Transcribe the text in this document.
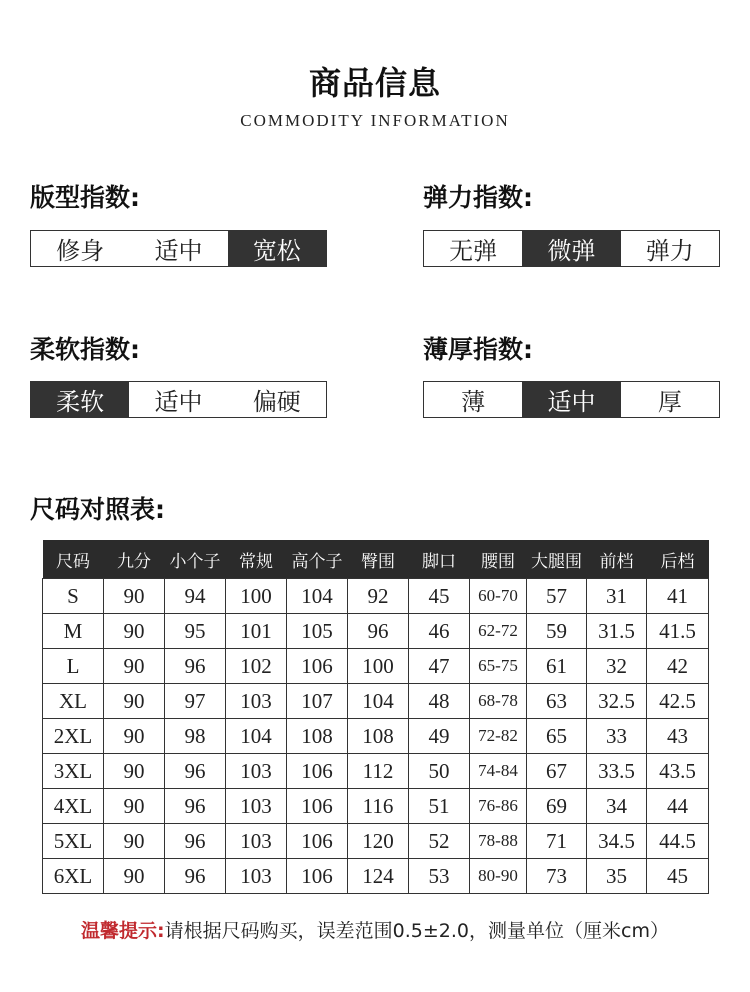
商品信息
COMMODITY INFORMATION
版型指数:
修身	适中	宽松
弹力指数:
无弹	微弹	弹力
柔软指数:
柔软	适中	偏硬
薄厚指数:
薄	适中	厚
尺码对照表:
尺码	九分	小个子	常规	高个子	臀围	脚口	腰围	大腿围	前档	后档
S	90	94	100	104	92	45	60-70	57	31	41
M	90	95	101	105	96	46	62-72	59	31.5	41.5
L	90	96	102	106	100	47	65-75	61	32	42
XL	90	97	103	107	104	48	68-78	63	32.5	42.5
2XL	90	98	104	108	108	49	72-82	65	33	43
3XL	90	96	103	106	112	50	74-84	67	33.5	43.5
4XL	90	96	103	106	116	51	76-86	69	34	44
5XL	90	96	103	106	120	52	78-88	71	34.5	44.5
6XL	90	96	103	106	124	53	80-90	73	35	45
温馨提示:请根据尺码购买，误差范围0.5±2.0，测量单位（厘米cm）
